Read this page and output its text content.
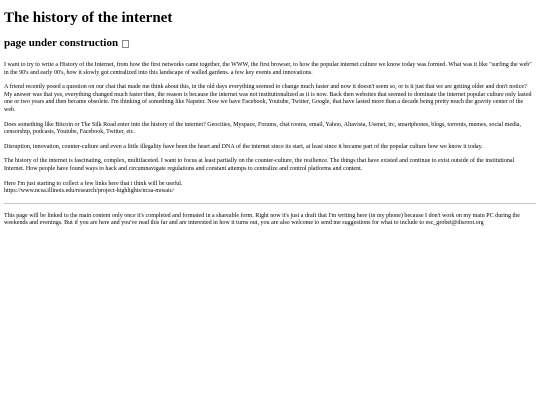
The history of the internet
page under construction

I want to try to write a History of the Internet, from how the first networks came together, the WWW, the first browser, to how the popular internet culture we know today was formed. What was it like "surfing the web" in the 90's and early 00's, how it slowly got centralized into this landscape of walled gardens. a few key events and innovations.

A friend recently posed a question on our chat that made me think about this, in the old days everything seemed to change much faster and now it doesn't seem so, or is it just that we are getting older and don't notice? My answer was that yes, everything changed much faster then, the reason is because the internet was not institutionalized as it is now. Back then websites that seemed to dominate the internet popular culture only lasted one or two years and then became obsolete. I'm thinking of something like Napster. Now we have Facebook, Youtube, Twitter, Google, that have lasted more than a decade being pretty much the gravity center of the web.

Does something like Bitcoin or The Silk Road enter into the history of the internet? Geocities, Myspace, Forums, chat rooms, email, Yahoo, Altavista, Usenet, irc, smartphones, blogs, torrents, memes, social media, censorship, podcasts, Youtube, Facebook, Twitter, etc.

Disruption, innovation, counter-culture and even a little illegality have been the heart and DNA of the internet since its start, at least since it became part of the popular culture how we know it today.

The history of the internet is fascinating, complex, multifaceted. I want to focus at least partially on the counter-culture, the resilience. The things that have existed and continue to exist outside of the institutional Internet. How people have found ways to hack and circumnavigate regulations and constant attemps to centralize and control platforms and content.

Here I'm just starting to collect a few links here that i think will be useful.
https://www.ncsa.illinois.edu/research/project-highlights/ncsa-mosaic/

This page will be linked to the main content only once it's completed and formated in a shareable form. Right now it's just a draft that I'm writing here (in my phone) because I don't work on my main PC during the weekends and evenings. But if you are here and you've read this far and are interested in how it turns out, you are also welcome to send me suggestions for what to include to esc_grobet@disroot.org
